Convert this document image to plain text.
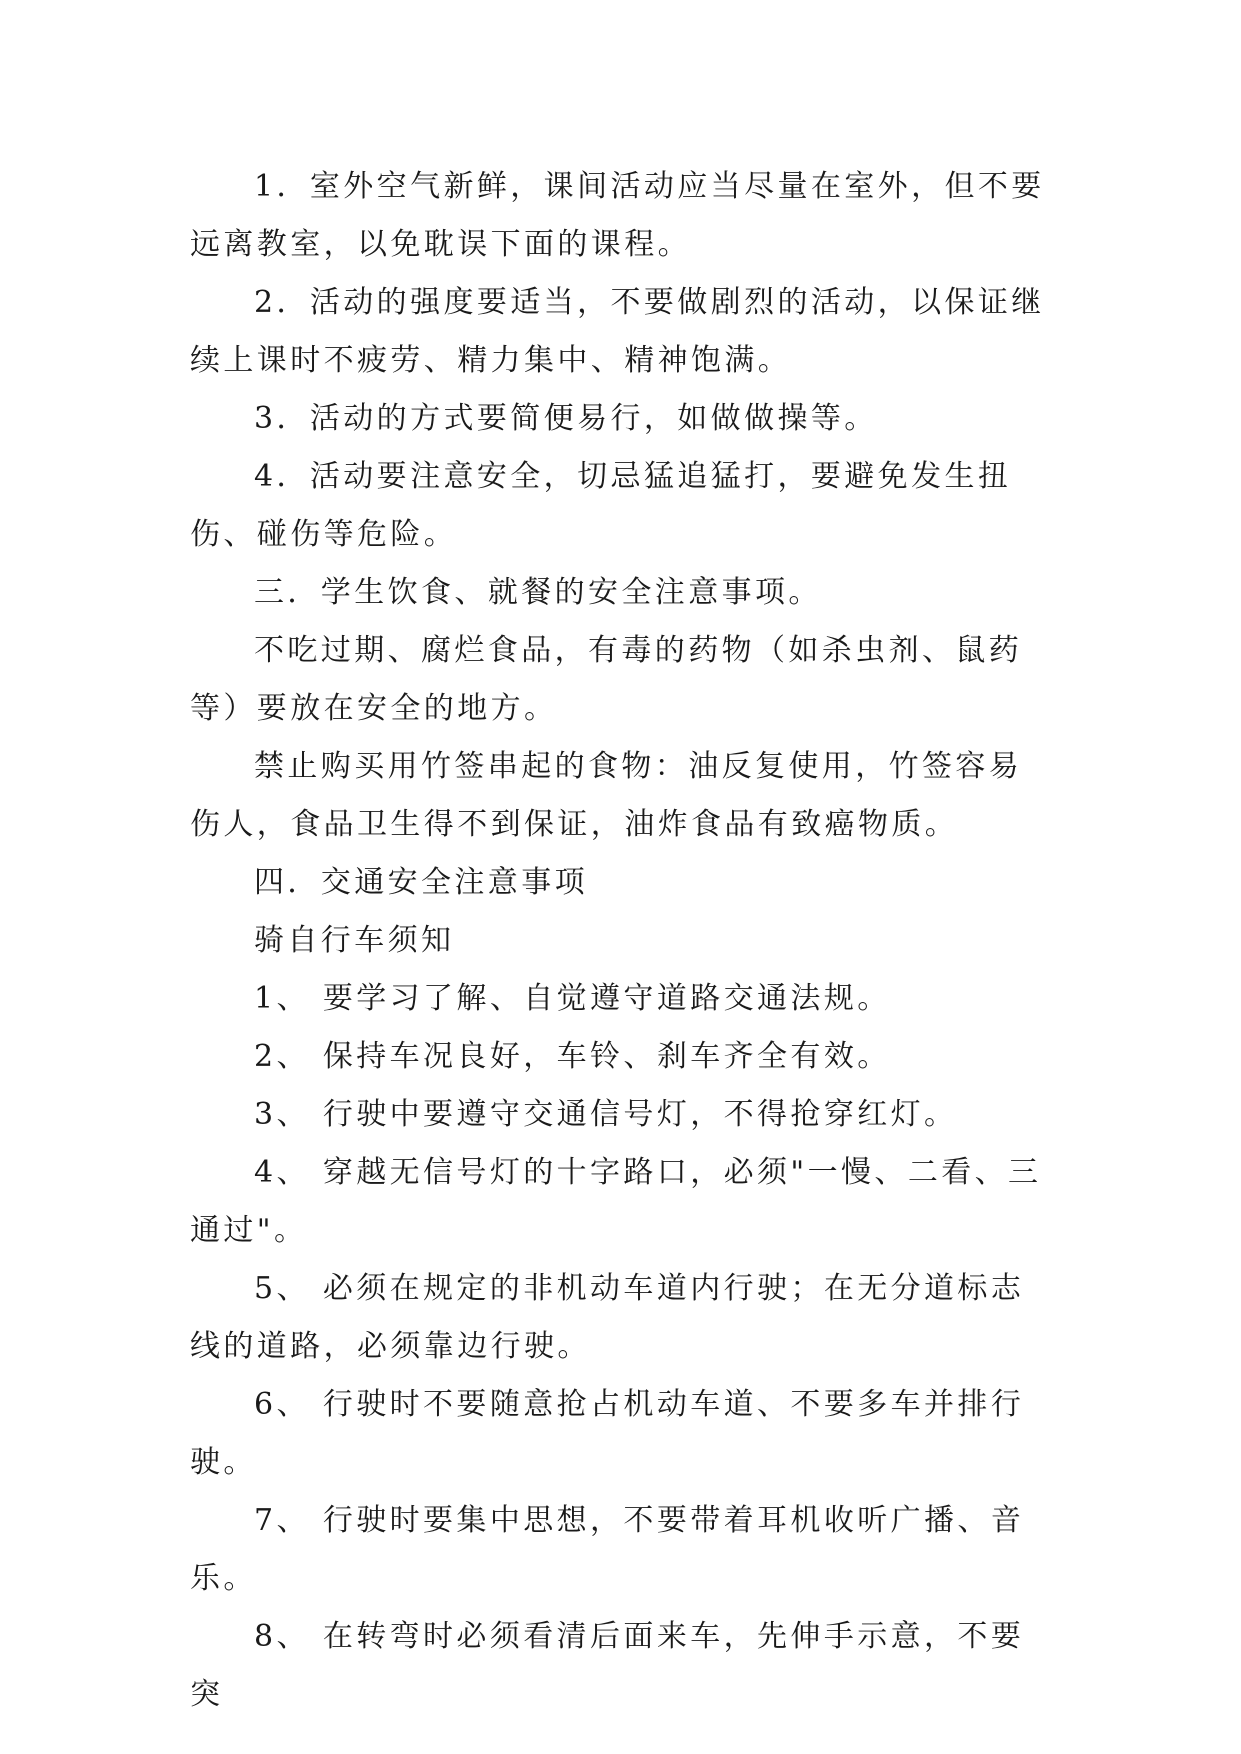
1．室外空气新鲜，课间活动应当尽量在室外，但不要远离教室，以免耽误下面的课程。

2．活动的强度要适当，不要做剧烈的活动，以保证继续上课时不疲劳、精力集中、精神饱满。

3．活动的方式要简便易行，如做做操等。

4．活动要注意安全，切忌猛追猛打，要避免发生扭伤、碰伤等危险。

三．学生饮食、就餐的安全注意事项。

不吃过期、腐烂食品，有毒的药物（如杀虫剂、鼠药等）要放在安全的地方。

禁止购买用竹签串起的食物：油反复使用，竹签容易伤人，食品卫生得不到保证，油炸食品有致癌物质。

四．交通安全注意事项

骑自行车须知

1、 要学习了解、自觉遵守道路交通法规。

2、 保持车况良好，车铃、刹车齐全有效。

3、 行驶中要遵守交通信号灯，不得抢穿红灯。

4、 穿越无信号灯的十字路口，必须"一慢、二看、三通过"。

5、 必须在规定的非机动车道内行驶；在无分道标志线的道路，必须靠边行驶。

6、 行驶时不要随意抢占机动车道、不要多车并排行驶。

7、 行驶时要集中思想，不要带着耳机收听广播、音乐。

8、 在转弯时必须看清后面来车，先伸手示意，不要突
